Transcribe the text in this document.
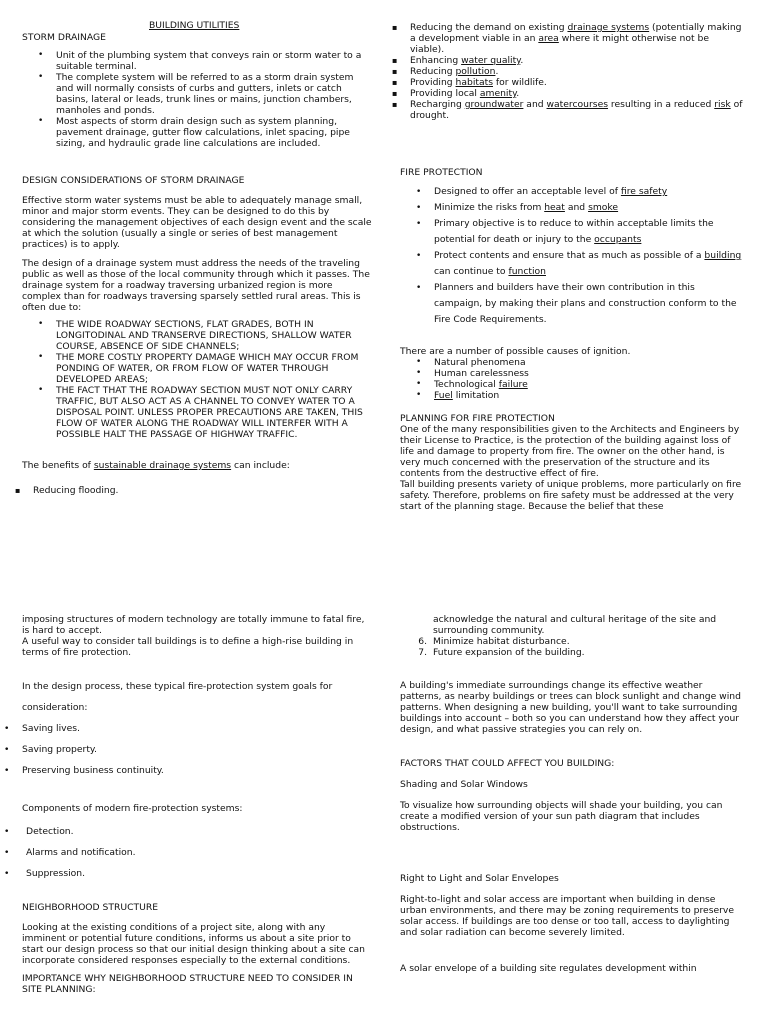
BUILDING UTILITIES
STORM DRAINAGE
• Unit of the plumbing system that conveys rain or storm water to a suitable terminal.
• The complete system will be referred to as a storm drain system and will normally consists of curbs and gutters, inlets or catch basins, lateral or leads, trunk lines or mains, junction chambers, manholes and ponds.
• Most aspects of storm drain design such as system planning, pavement drainage, gutter flow calculations, inlet spacing, pipe sizing, and hydraulic grade line calculations are included.
DESIGN CONSIDERATIONS OF STORM DRAINAGE

Effective storm water systems must be able to adequately manage small, minor and major storm events. They can be designed to do this by considering the management objectives of each design event and the scale at which the solution (usually a single or series of best management practices) is to apply.

The design of a drainage system must address the needs of the traveling public as well as those of the local community through which it passes. The drainage system for a roadway traversing urbanized region is more complex than for roadways traversing sparsely settled rural areas. This is often due to:

• THE WIDE ROADWAY SECTIONS, FLAT GRADES, BOTH IN LONGITODINAL AND TRANSERVE DIRECTIONS, SHALLOW WATER COURSE, ABSENCE OF SIDE CHANNELS;
• THE MORE COSTLY PROPERTY DAMAGE WHICH MAY OCCUR FROM PONDING OF WATER, OR FROM FLOW OF WATER THROUGH DEVELOPED AREAS;
• THE FACT THAT THE ROADWAY SECTION MUST NOT ONLY CARRY TRAFFIC, BUT ALSO ACT AS A CHANNEL TO CONVEY WATER TO A DISPOSAL POINT. UNLESS PROPER PRECAUTIONS ARE TAKEN, THIS FLOW OF WATER ALONG THE ROADWAY WILL INTERFER WITH A POSSIBLE HALT THE PASSAGE OF HIGHWAY TRAFFIC.

The benefits of sustainable drainage systems can include:

▪ Reducing flooding.
▪ Reducing the demand on existing drainage systems (potentially making a development viable in an area where it might otherwise not be viable).
▪ Enhancing water quality.
▪ Reducing pollution.
▪ Providing habitats for wildlife.
▪ Providing local amenity.
▪ Recharging groundwater and watercourses resulting in a reduced risk of drought.
FIRE PROTECTION
• Designed to offer an acceptable level of fire safety
• Minimize the risks from heat and smoke
• Primary objective is to reduce to within acceptable limits the potential for death or injury to the occupants
• Protect contents and ensure that as much as possible of a building can continue to function
• Planners and builders have their own contribution in this campaign, by making their plans and construction conform to the Fire Code Requirements.
There are a number of possible causes of ignition.
• Natural phenomena
• Human carelessness
• Technological failure
• Fuel limitation
PLANNING FOR FIRE PROTECTION
One of the many responsibilities given to the Architects and Engineers by their License to Practice, is the protection of the building against loss of life and damage to property from fire. The owner on the other hand, is very much concerned with the preservation of the structure and its contents from the destructive effect of fire.
Tall building presents variety of unique problems, more particularly on fire safety. Therefore, problems on fire safety must be addressed at the very start of the planning stage. Because the belief that these
imposing structures of modern technology are totally immune to fatal fire, is hard to accept.

A useful way to consider tall buildings is to define a high-rise building in terms of fire protection.

In the design process, these typical fire-protection system goals for consideration:

• Saving lives.
• Saving property.
• Preserving business continuity.

Components of modern fire-protection systems:

• Detection.
• Alarms and notification.
• Suppression.

NEIGHBORHOOD STRUCTURE

Looking at the existing conditions of a project site, along with any imminent or potential future conditions, informs us about a site prior to start our design process so that our initial design thinking about a site can incorporate considered responses especially to the external conditions.

IMPORTANCE WHY NEIGHBORHOOD STRUCTURE NEED TO CONSIDER IN SITE PLANNING:
acknowledge the natural and cultural heritage of the site and surrounding community.
6. Minimize habitat disturbance.
7. Future expansion of the building.

A building's immediate surroundings change its effective weather patterns, as nearby buildings or trees can block sunlight and change wind patterns. When designing a new building, you'll want to take surrounding buildings into account – both so you can understand how they affect your design, and what passive strategies you can rely on.

FACTORS THAT COULD AFFECT YOU BUILDING:

Shading and Solar Windows

To visualize how surrounding objects will shade your building, you can create a modified version of your sun path diagram that includes obstructions.

Right to Light and Solar Envelopes

Right-to-light and solar access are important when building in dense urban environments, and there may be zoning requirements to preserve solar access. If buildings are too dense or too tall, access to daylighting and solar radiation can become severely limited.

A solar envelope of a building site regulates development within
